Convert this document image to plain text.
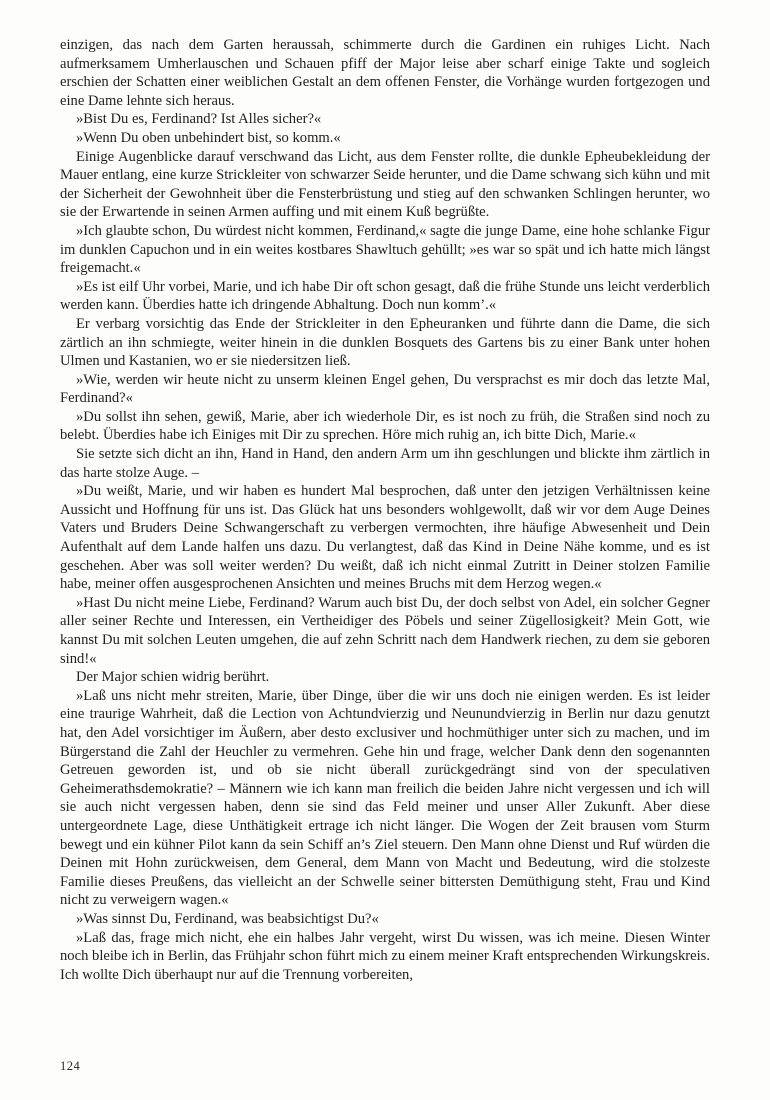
einzigen, das nach dem Garten heraussah, schimmerte durch die Gardinen ein ruhiges Licht. Nach aufmerksamem Umherlauschen und Schauen pfiff der Major leise aber scharf einige Takte und sogleich erschien der Schatten einer weiblichen Gestalt an dem offenen Fenster, die Vorhänge wurden fortgezogen und eine Dame lehnte sich heraus.

»Bist Du es, Ferdinand? Ist Alles sicher?«

»Wenn Du oben unbehindert bist, so komm.«

Einige Augenblicke darauf verschwand das Licht, aus dem Fenster rollte, die dunkle Epheubekleidung der Mauer entlang, eine kurze Strickleiter von schwarzer Seide herunter, und die Dame schwang sich kühn und mit der Sicherheit der Gewohnheit über die Fensterbrüstung und stieg auf den schwanken Schlingen herunter, wo sie der Erwartende in seinen Armen auffing und mit einem Kuß begrüßte.

»Ich glaubte schon, Du würdest nicht kommen, Ferdinand,« sagte die junge Dame, eine hohe schlanke Figur im dunklen Capuchon und in ein weites kostbares Shawltuch gehüllt; »es war so spät und ich hatte mich längst freigemacht.«

»Es ist eilf Uhr vorbei, Marie, und ich habe Dir oft schon gesagt, daß die frühe Stunde uns leicht verderblich werden kann. Überdies hatte ich dringende Abhaltung. Doch nun komm’.«

Er verbarg vorsichtig das Ende der Strickleiter in den Epheuranken und führte dann die Dame, die sich zärtlich an ihn schmiegte, weiter hinein in die dunklen Bosquets des Gartens bis zu einer Bank unter hohen Ulmen und Kastanien, wo er sie niedersitzen ließ.

»Wie, werden wir heute nicht zu unserm kleinen Engel gehen, Du versprachst es mir doch das letzte Mal, Ferdinand?«

»Du sollst ihn sehen, gewiß, Marie, aber ich wiederhole Dir, es ist noch zu früh, die Straßen sind noch zu belebt. Überdies habe ich Einiges mit Dir zu sprechen. Höre mich ruhig an, ich bitte Dich, Marie.«

Sie setzte sich dicht an ihn, Hand in Hand, den andern Arm um ihn geschlungen und blickte ihm zärtlich in das harte stolze Auge. –

»Du weißt, Marie, und wir haben es hundert Mal besprochen, daß unter den jetzigen Verhältnissen keine Aussicht und Hoffnung für uns ist. Das Glück hat uns besonders wohlgewollt, daß wir vor dem Auge Deines Vaters und Bruders Deine Schwangerschaft zu verbergen vermochten, ihre häufige Abwesenheit und Dein Aufenthalt auf dem Lande halfen uns dazu. Du verlangtest, daß das Kind in Deine Nähe komme, und es ist geschehen. Aber was soll weiter werden? Du weißt, daß ich nicht einmal Zutritt in Deiner stolzen Familie habe, meiner offen ausgesprochenen Ansichten und meines Bruchs mit dem Herzog wegen.«

»Hast Du nicht meine Liebe, Ferdinand? Warum auch bist Du, der doch selbst von Adel, ein solcher Gegner aller seiner Rechte und Interessen, ein Vertheidiger des Pöbels und seiner Zügellosigkeit? Mein Gott, wie kannst Du mit solchen Leuten umgehen, die auf zehn Schritt nach dem Handwerk riechen, zu dem sie geboren sind!«

Der Major schien widrig berührt.

»Laß uns nicht mehr streiten, Marie, über Dinge, über die wir uns doch nie einigen werden. Es ist leider eine traurige Wahrheit, daß die Lection von Achtundvierzig und Neunundvierzig in Berlin nur dazu genutzt hat, den Adel vorsichtiger im Äußern, aber desto exclusiver und hochmüthiger unter sich zu machen, und im Bürgerstand die Zahl der Heuchler zu vermehren. Gehe hin und frage, welcher Dank denn den sogenannten Getreuen geworden ist, und ob sie nicht überall zurückgedrängt sind von der speculativen Geheimerathsdemokratie? – Männern wie ich kann man freilich die beiden Jahre nicht vergessen und ich will sie auch nicht vergessen haben, denn sie sind das Feld meiner und unser Aller Zukunft. Aber diese untergeordnete Lage, diese Unthätigkeit ertrage ich nicht länger. Die Wogen der Zeit brausen vom Sturm bewegt und ein kühner Pilot kann da sein Schiff an’s Ziel steuern. Den Mann ohne Dienst und Ruf würden die Deinen mit Hohn zurückweisen, dem General, dem Mann von Macht und Bedeutung, wird die stolzeste Familie dieses Preußens, das vielleicht an der Schwelle seiner bittersten Demüthigung steht, Frau und Kind nicht zu verweigern wagen.«

»Was sinnst Du, Ferdinand, was beabsichtigst Du?«

»Laß das, frage mich nicht, ehe ein halbes Jahr vergeht, wirst Du wissen, was ich meine. Diesen Winter noch bleibe ich in Berlin, das Frühjahr schon führt mich zu einem meiner Kraft entsprechenden Wirkungskreis. Ich wollte Dich überhaupt nur auf die Trennung vorbereiten,

124
